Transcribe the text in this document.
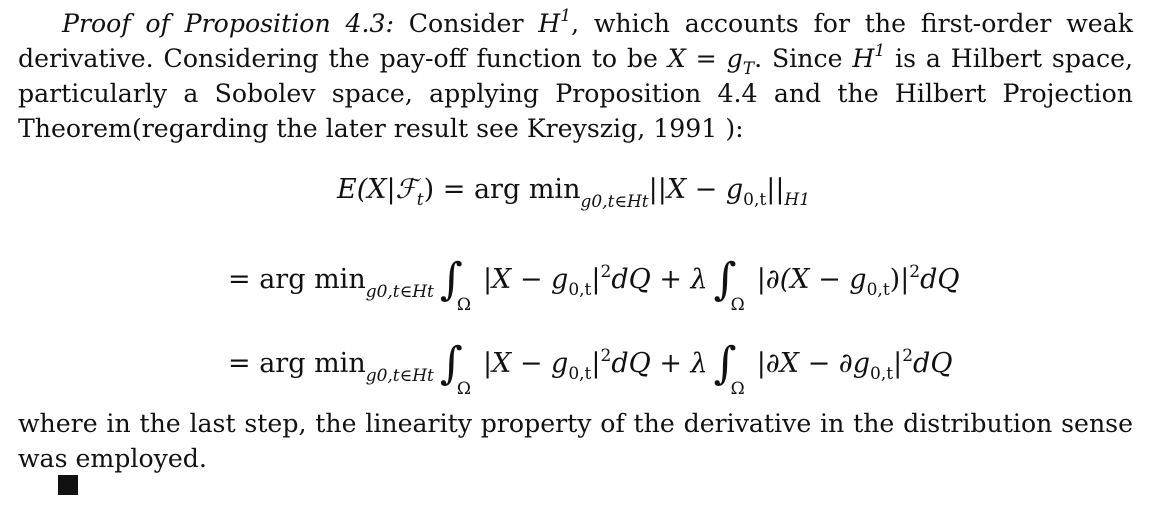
Proof of Proposition 4.3: Consider $H^1$, which accounts for the first-order weak derivative. Considering the pay-off function to be $X = g_T$. Since $H^1$ is a Hilbert space, particularly a Sobolev space, applying Proposition 4.4 and the Hilbert Projection Theorem(regarding the later result see Kreyszig, 1991 ):

E(X|ℱ$_t$) = arg $\min_{g0,t\in Ht}||X - g_{0,t}||_{H1}$
= arg $\min_{g0,t\in Ht} \int\Omega|X - g_{0,t}|^2dQ + \lambda$ $\int\Omega|\partial(X - g_{0,t})|^2dQ$
= arg $\min_{g0,t\in Ht} \int\Omega|X - g_{0,t}|^2dQ + \lambda$ $\int\Omega|\partial X - \partial g_{0,t}|^2dQ$

where in the last step, the linearity property of the derivative in the distribution sense was employed.
